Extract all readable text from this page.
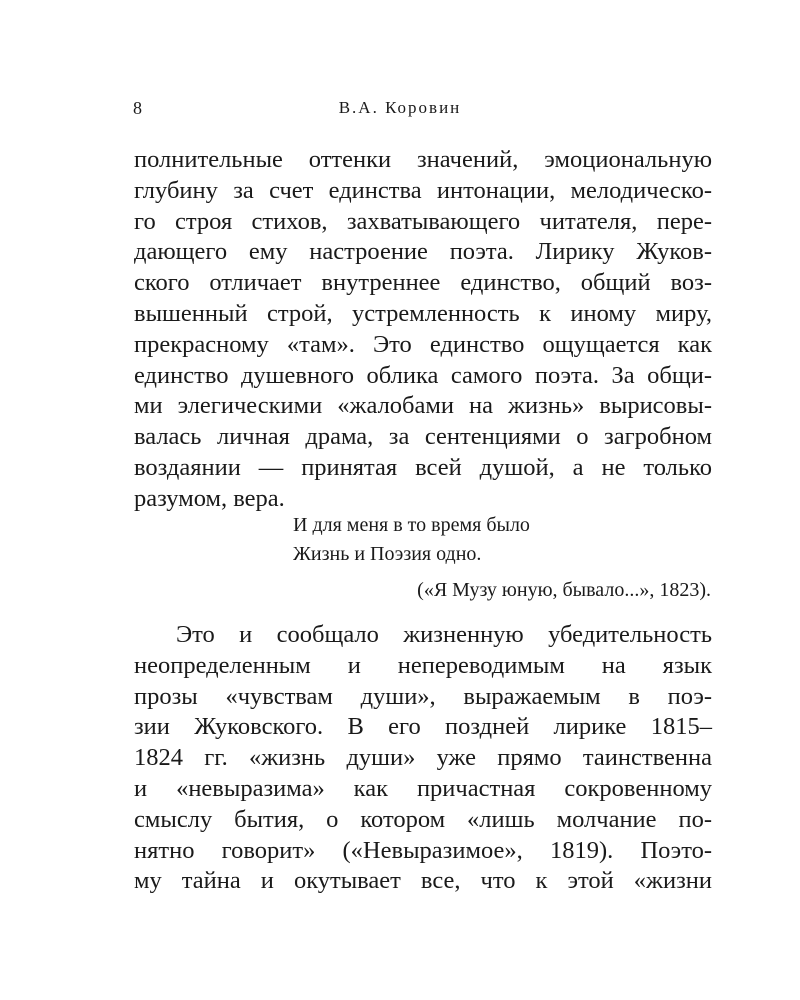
8	В.А. Коровин
полнительные оттенки значений, эмоциональную
глубину за счет единства интонации, мелодическо-
го строя стихов, захватывающего читателя, пере-
дающего ему настроение поэта. Лирику Жуков-
ского отличает внутреннее единство, общий воз-
вышенный строй, устремленность к иному миру,
прекрасному «там». Это единство ощущается как
единство душевного облика самого поэта. За общи-
ми элегическими «жалобами на жизнь» вырисовы-
валась личная драма, за сентенциями о загробном
воздаянии — принятая всей душой, а не только
разумом, вера.
И для меня в то время было
Жизнь и Поэзия одно.
(«Я Музу юную, бывало...», 1823).
Это и сообщало жизненную убедительность
неопределенным и непереводимым на язык
прозы «чувствам души», выражаемым в поэ-
зии Жуковского. В его поздней лирике 1815–
1824 гг. «жизнь души» уже прямо таинственна
и «невыразима» как причастная сокровенному
смыслу бытия, о котором «лишь молчание по-
нятно говорит» («Невыразимое», 1819). Поэто-
му тайна и окутывает все, что к этой «жизни
